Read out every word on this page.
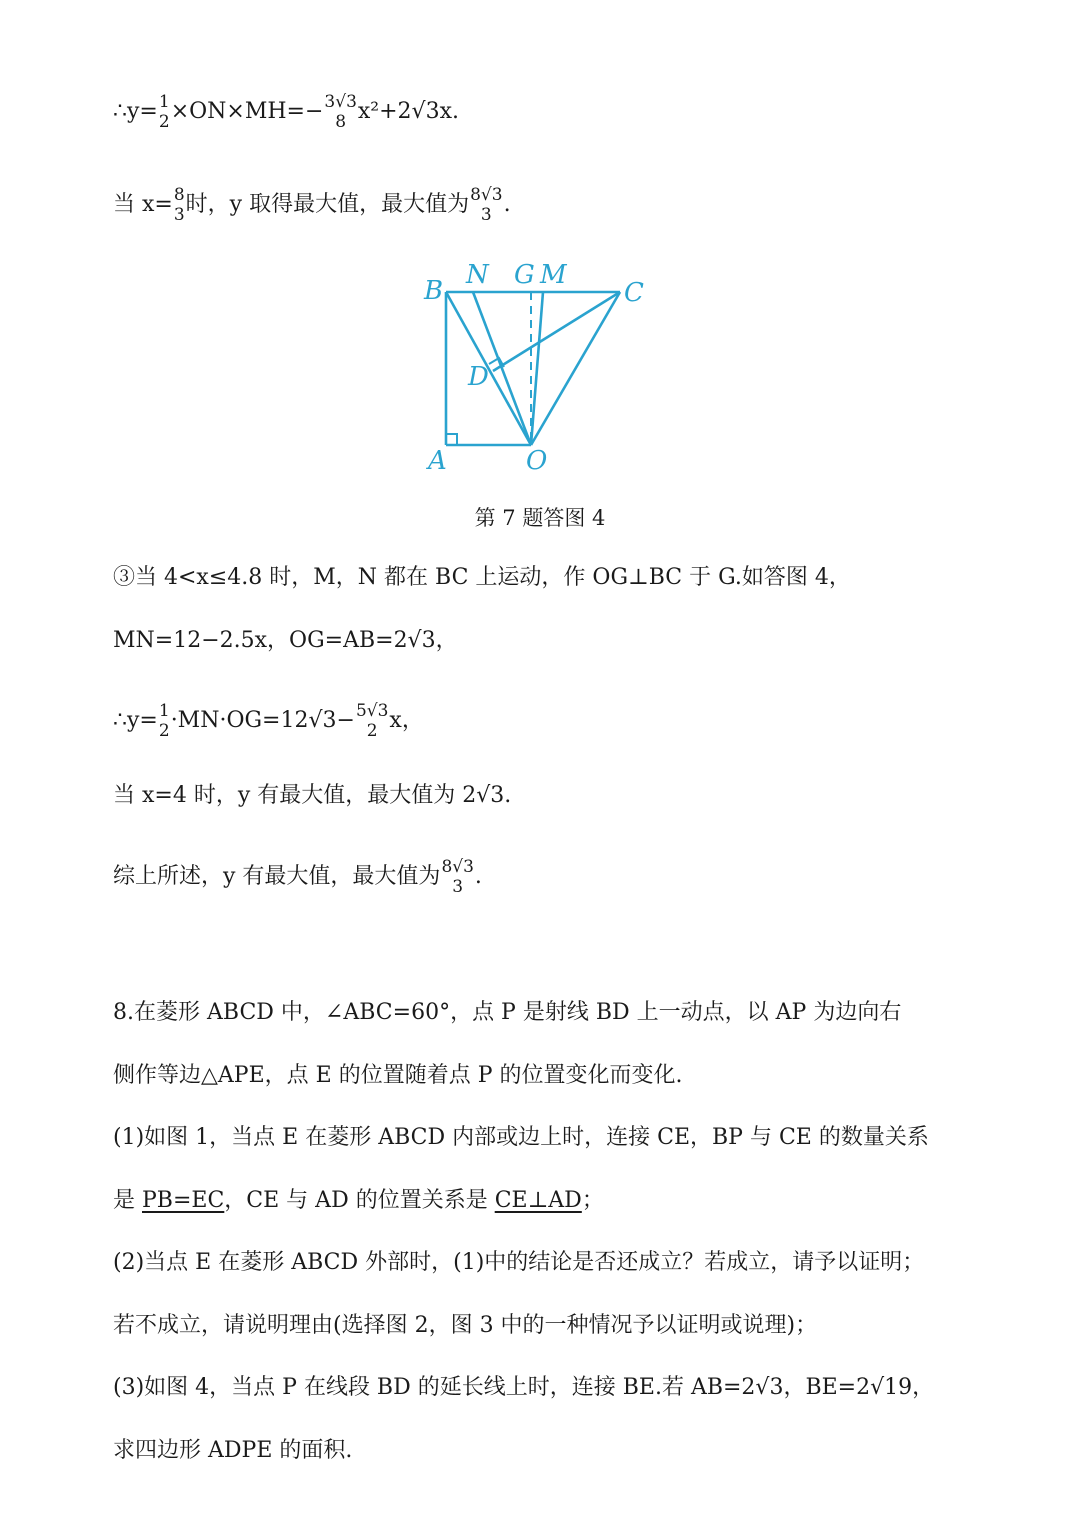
∴y= 1
2 ×ON×MH=− 3√3
8 x²+2√3x.
当 x= 8
3 时，y 取得最大值，最大值为 8√3
3 .
B
N G M
C
D
A	O
第 7 题答图 4
③当 4<x≤4.8 时，M，N 都在 BC 上运动，作 OG⊥BC 于 G.如答图 4，
MN=12−2.5x，OG=AB=2√3，
∴y= 1
2 ·MN·OG=12√3− 5√3
2 x，
当 x=4 时，y 有最大值，最大值为 2√3.
综上所述，y 有最大值，最大值为 8√3
3 .
8.在菱形 ABCD 中，∠ABC=60°，点 P 是射线 BD 上一动点，以 AP 为边向右
侧作等边△APE，点 E 的位置随着点 P 的位置变化而变化.
(1)如图 1，当点 E 在菱形 ABCD 内部或边上时，连接 CE，BP 与 CE 的数量关系
是 PB=EC，CE 与 AD 的位置关系是 CE⊥AD；
(2)当点 E 在菱形 ABCD 外部时，(1)中的结论是否还成立？若成立，请予以证明；
若不成立，请说明理由(选择图 2，图 3 中的一种情况予以证明或说理)；
(3)如图 4，当点 P 在线段 BD 的延长线上时，连接 BE.若 AB=2√3，BE=2√19，
求四边形 ADPE 的面积.
